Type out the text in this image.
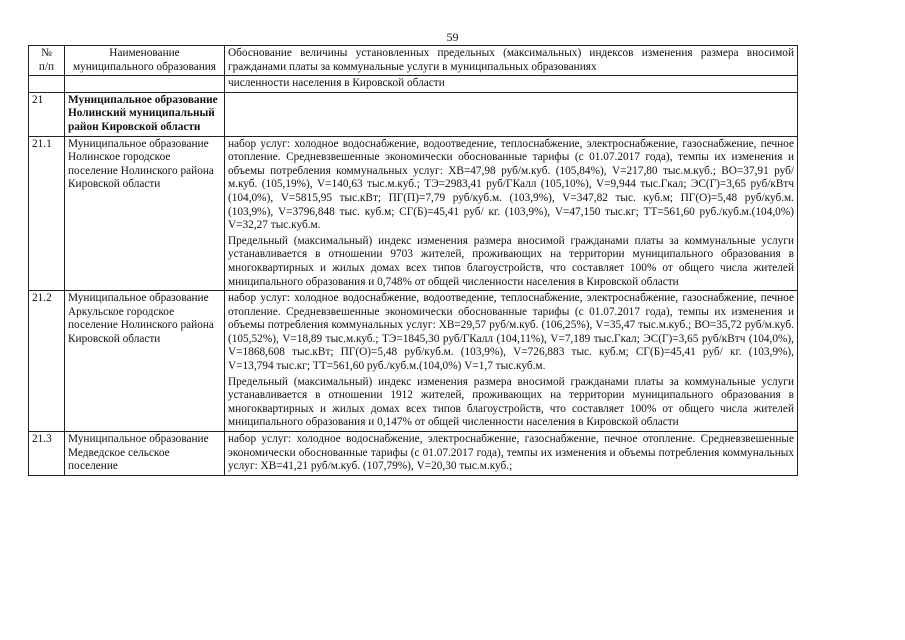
59
№
п/п	Наименование муниципального образования	Обоснование величины установленных предельных (максимальных) индексов изменения размера вносимой гражданами платы за коммунальные услуги в муниципальных образованиях
		численности населения в Кировской области
21	Муниципальное образование Нолинский муниципальный район Кировской области	
21.1	Муниципальное образование Нолинское городское поселение Нолинского района Кировской области	набор услуг: холодное водоснабжение, водоотведение, теплоснабжение, электроснабжение, газоснабжение, печное отопление. Средневзвешенные экономически обоснованные тарифы (с 01.07.2017 года), темпы их изменения и объемы потребления коммунальных услуг: ХВ=47,98 руб/м.куб. (105,84%), V=217,80 тыс.м.куб.; ВО=37,91 руб/м.куб. (105,19%), V=140,63 тыс.м.куб.; ТЭ=2983,41 руб/ГКалл (105,10%), V=9,944 тыс.Гкал; ЭС(Г)=3,65 руб/кВтч (104,0%), V=5815,95 тыс.кВт; ПГ(П)=7,79 руб/куб.м. (103,9%), V=347,82 тыс. куб.м; ПГ(О)=5,48 руб/куб.м. (103,9%), V=3796,848 тыс. куб.м; СГ(Б)=45,41 руб/ кг. (103,9%), V=47,150 тыс.кг; ТТ=561,60 руб./куб.м.(104,0%) V=32,27 тыс.куб.м.

Предельный (максимальный) индекс изменения размера вносимой гражданами платы за коммунальные услуги устанавливается в отношении 9703 жителей, проживающих на территории муниципального образования в многоквартирных и жилых домах всех типов благоустройств, что составляет 100% от общего числа жителей мниципального образования и 0,748% от общей численности населения в Кировской области

21.2	Муниципальное образование Аркульское городское поселение Нолинского района Кировской области	набор услуг: холодное водоснабжение, водоотведение, теплоснабжение, электроснабжение, газоснабжение, печное отопление. Средневзвешенные экономически обоснованные тарифы (с 01.07.2017 года), темпы их изменения и объемы потребления коммунальных услуг: ХВ=29,57 руб/м.куб. (106,25%), V=35,47 тыс.м.куб.; ВО=35,72 руб/м.куб. (105,52%), V=18,89 тыс.м.куб.; ТЭ=1845,30 руб/ГКалл (104,11%), V=7,189 тыс.Гкал; ЭС(Г)=3,65 руб/кВтч (104,0%), V=1868,608 тыс.кВт; ПГ(О)=5,48 руб/куб.м. (103,9%), V=726,883 тыс. куб.м; СГ(Б)=45,41 руб/ кг. (103,9%), V=13,794 тыс.кг; ТТ=561,60 руб./куб.м.(104,0%) V=1,7 тыс.куб.м.

Предельный (максимальный) индекс изменения размера вносимой гражданами платы за коммунальные услуги устанавливается в отношении 1912 жителей, проживающих на территории муниципального образования в многоквартирных и жилых домах всех типов благоустройств, что составляет 100% от общего числа жителей мниципального образования и 0,147% от общей численности населения в Кировской области

21.3	Муниципальное образование Медведское сельское поселение	набор услуг: холодное водоснабжение, электроснабжение, газоснабжение, печное отопление. Средневзвешенные экономически обоснованные тарифы (с 01.07.2017 года), темпы их изменения и объемы потребления коммунальных услуг: ХВ=41,21 руб/м.куб. (107,79%), V=20,30 тыс.м.куб.;
